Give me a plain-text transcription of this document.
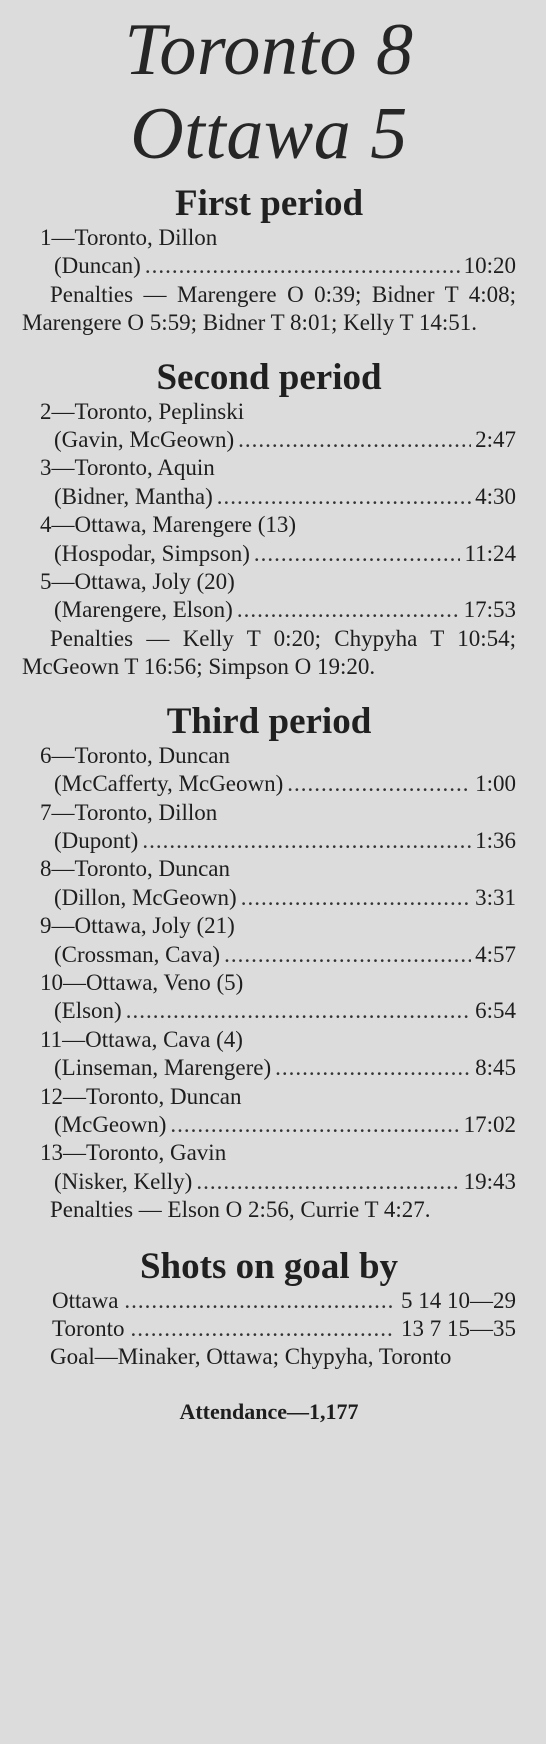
Toronto 8
Ottawa 5
First period
1—Toronto, Dillon
(Duncan) .....	10:20
Penalties — Marengere O 0:39; Bidner T 4:08; Marengere O 5:59; Bidner T 8:01; Kelly T 14:51.
Second period
2—Toronto, Peplinski
(Gavin, McGeown) .....	2:47
3—Toronto, Aquin
(Bidner, Mantha) .....	4:30
4—Ottawa, Marengere (13)
(Hospodar, Simpson) .....	11:24
5—Ottawa, Joly (20)
(Marengere, Elson) .....	17:53
Penalties — Kelly T 0:20; Chypyha T 10:54; McGeown T 16:56; Simpson O 19:20.
Third period
6—Toronto, Duncan
(McCafferty, McGeown) .....	1:00
7—Toronto, Dillon
(Dupont) .....	1:36
8—Toronto, Duncan
(Dillon, McGeown) .....	3:31
9—Ottawa, Joly (21)
(Crossman, Cava) .....	4:57
10—Ottawa, Veno (5)
(Elson) .....	6:54
11—Ottawa, Cava (4)
(Linseman, Marengere) .....	8:45
12—Toronto, Duncan
(McGeown) .....	17:02
13—Toronto, Gavin
(Nisker, Kelly) .....	19:43
Penalties — Elson O 2:56, Currie T 4:27.
Shots on goal by
Ottawa .....	5 14 10—29
Toronto .....	13 7 15—35
Goal—Minaker, Ottawa; Chypyha, Toronto
Attendance—1,177
